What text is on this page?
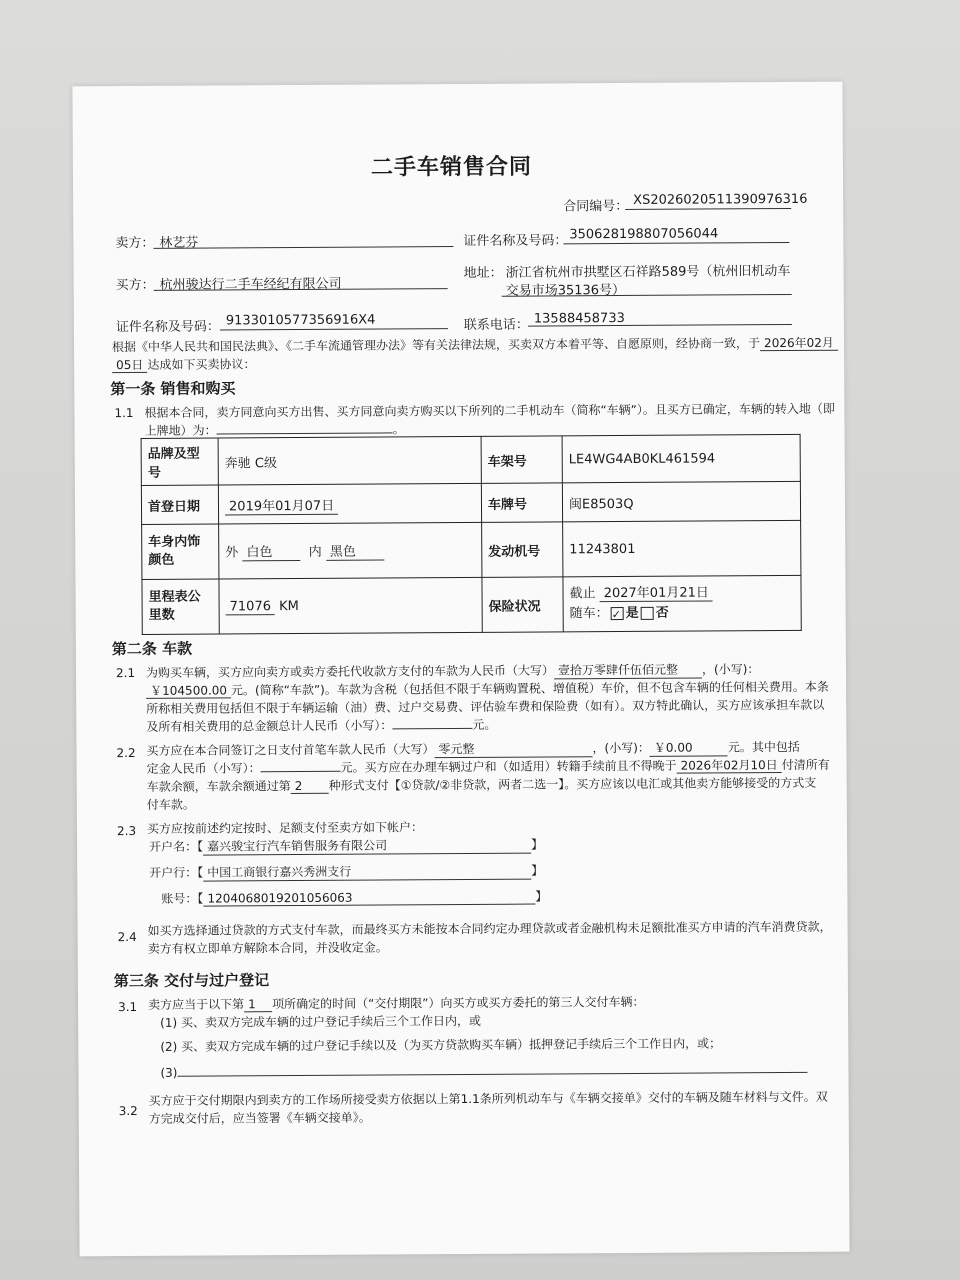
二手车销售合同
合同编号： XS2026020511390976316
卖方： 林艺芬	证件名称及号码： 350628198807056044
买方： 杭州骏达行二手车经纪有限公司
地址： 浙江省杭州市拱墅区石祥路589号（杭州旧机动车
交易市场35136号）
证件名称及号码： 91330105773569​16X4	联系电话： 13588458733
根据《中华人民共和国民法典》、《二手车流通管理办法》等有关法律法规，买卖双方本着平等、自愿原则，经协商一致，于 2026年02月
05日 达成如下买卖协议：
第一条 销售和购买
1.1 根据本合同，卖方同意向买方出售、买方同意向卖方购买以下所列的二手机动车（简称“车辆”）。且买方已确定，车辆的转入地（即
上牌地）为：	。
品牌及型号	奔驰 C级	车架号	LE4WG4AB0KL461594
首登日期	2019年01月07日	车牌号	闽E8503Q
车身内饰颜色	外 白色 内 黑色	发动机号	11243801
里程表公里数	71076 KM	保险状况	截止 2027年01月21日
随车： ✓ 是 否
第二条 车款
2.1 为购买车辆，买方应向卖方或卖方委托代收款方支付的车款为人民币（大写） 壹拾万零肆仟伍佰元整 ，(小写)：
￥104500.00 元。(简称“车款”)。车款为含税（包括但不限于车辆购置税、增值税）车价，但不包含车辆的任何相关费用。本条
所称相关费用包括但不限于车辆运输（油）费、过户交易费、评估验车费和保险费（如有）。双方特此确认，买方应该承担车款以
及所有相关费用的总金额总计人民币（小写）：	元。
2.2 买方应在本合同签订之日支付首笔车款人民币（大写） 零元整	，(小写)： ￥0.00	元。其中包括
定金人民币（小写）：	元。买方应在办理车辆过户和（如适用）转籍手续前且不得晚于 2026年02月10日 付清所有
车款余额，车款余额通过第 2 种形式支付【①贷款/②非贷款，两者二选一】。买方应该以电汇或其他卖方能够接受的方式支
付车款。
2.3 买方应按前述约定按时、足额支付至卖方如下帐户：
开户名：【 嘉兴骏宝行汽车销售服务有限公司	】
开户行：【 中国工商银行嘉兴秀洲支行	】
账号：【 1204068019201056063	】
2.4 如买方选择通过贷款的方式支付车款，而最终买方未能按本合同约定办理贷款或者金融机构未足额批准买方申请的汽车消费贷款，
卖方有权立即单方解除本合同，并没收定金。
第三条 交付与过户登记
3.1 卖方应当于以下第 1 项所确定的时间（“交付期限”）向买方或买方委托的第三人交付车辆：
(1) 买、卖双方完成车辆的过户登记手续后三个工作日内，或
(2) 买、卖双方完成车辆的过户登记手续以及（为买方贷款购买车辆）抵押登记手续后三个工作日内，或；
(3)
3.2
买方应于交付期限内到卖方的工作场所接受卖方依据以上第1.1条所列机动车与《车辆交接单》交付的车辆及随车材料与文件。双
方完成交付后，应当签署《车辆交接单》。
